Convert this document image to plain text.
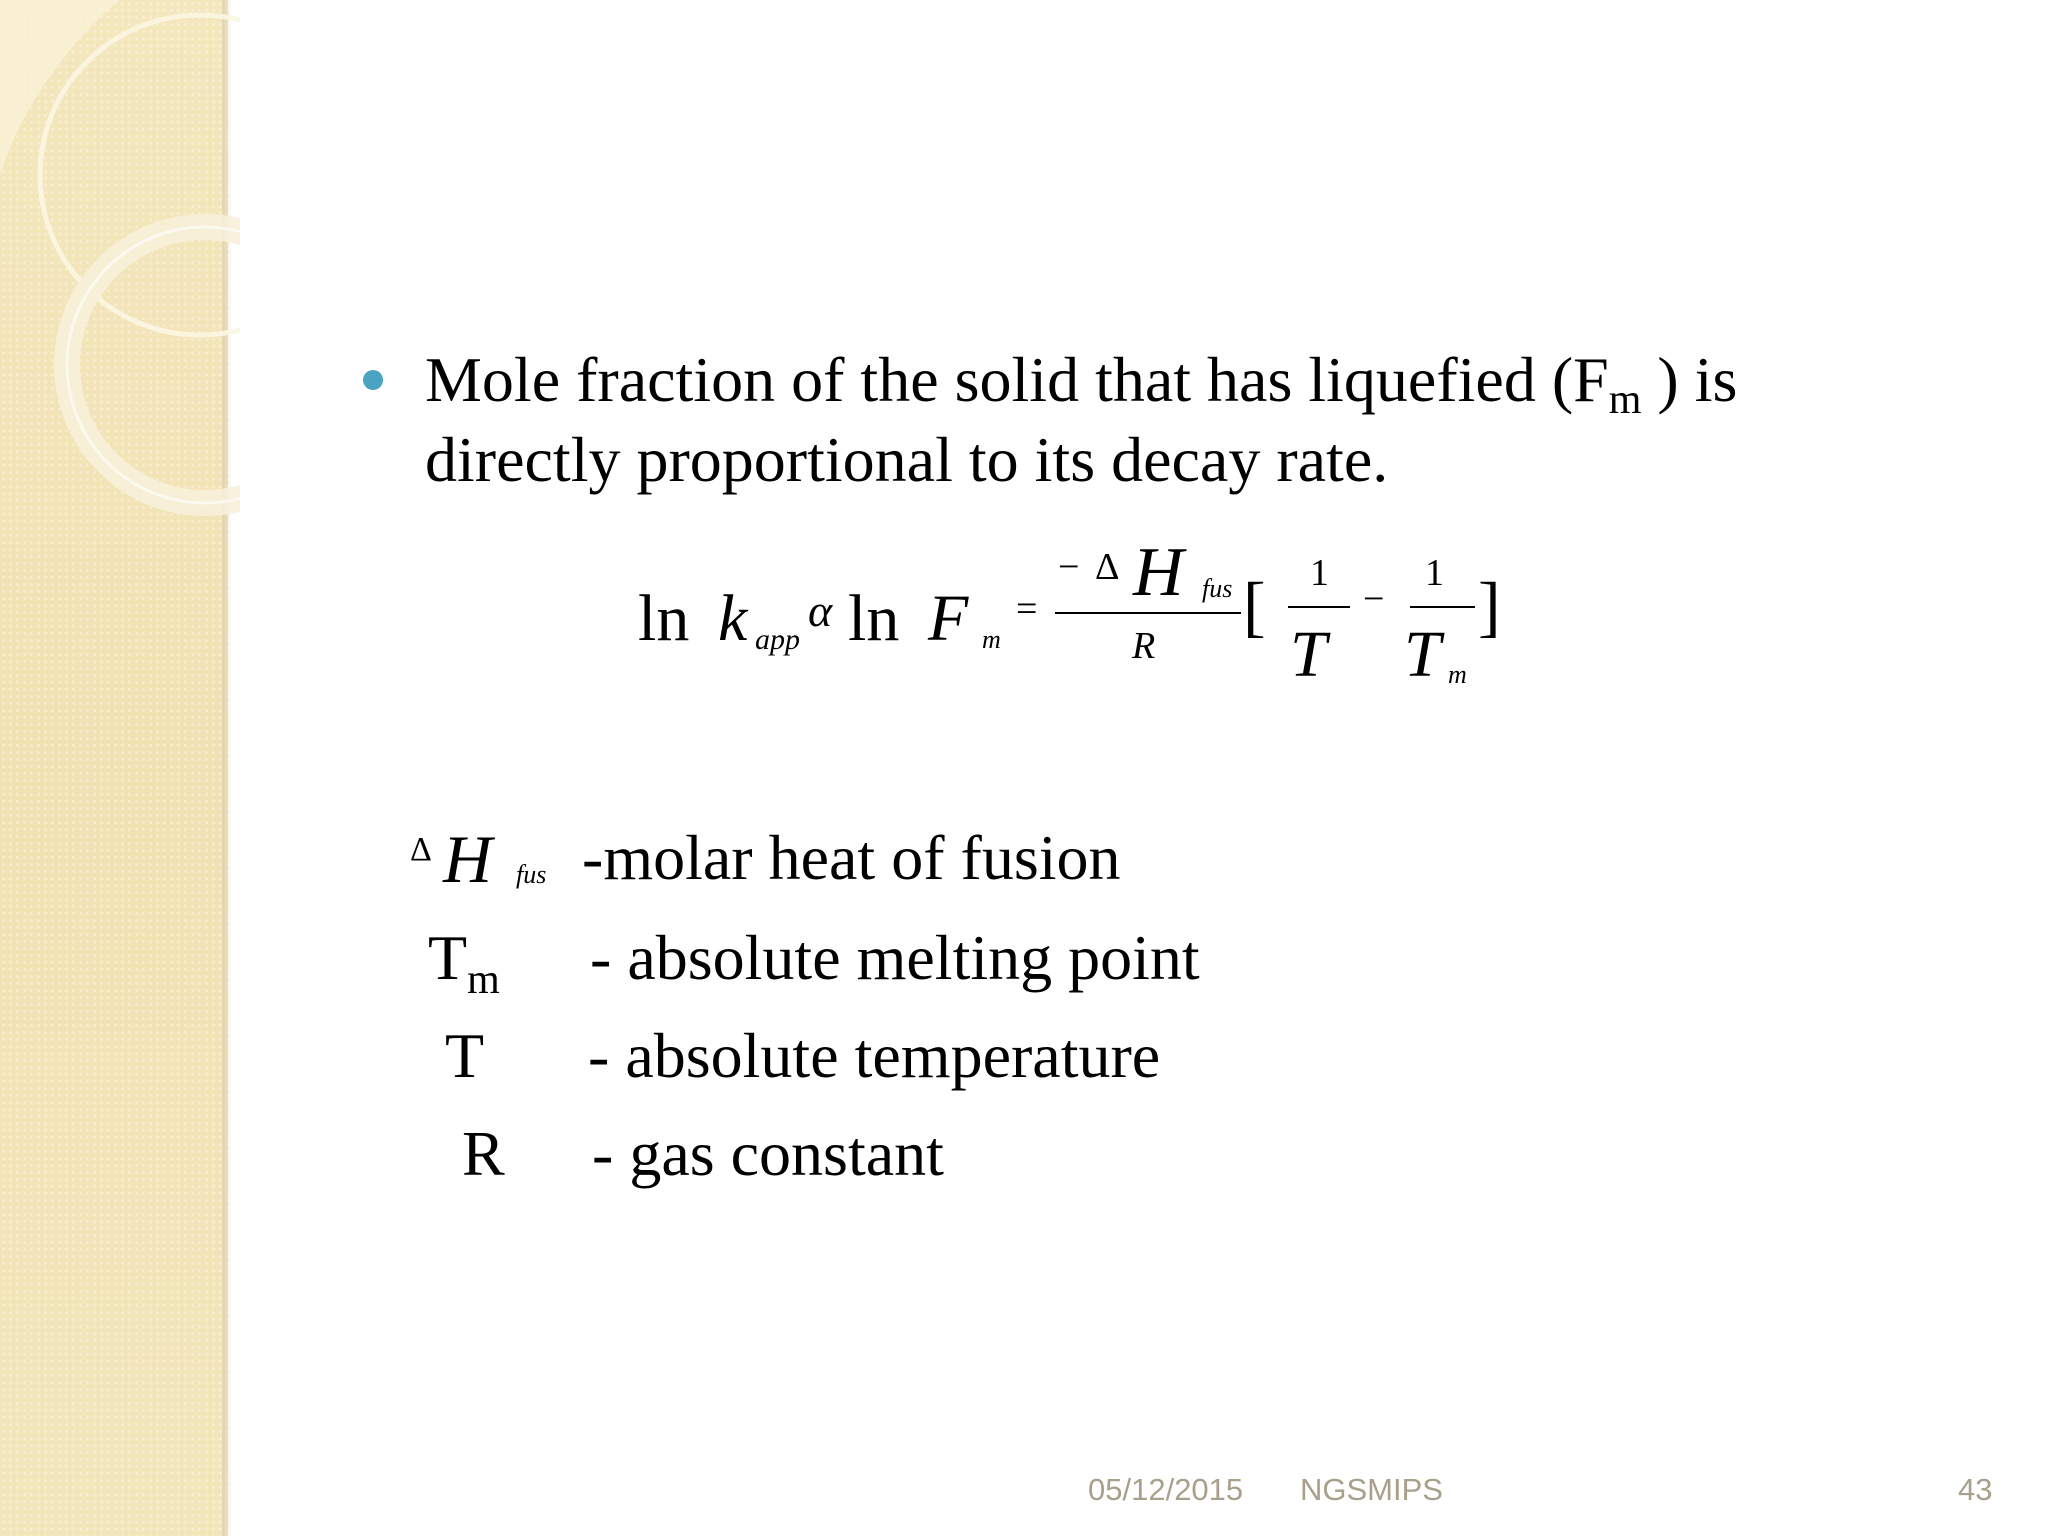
Mole fraction of the solid that has liquefied ($F_m$ ) is
directly proportional to its decay rate.
ln k app
α ln F m
=
− Δ H fus
R
[ 1
T
−
1
T m
]
Δ H fus -molar heat of fusion
$T_m$ - absolute melting point
T - absolute temperature
R - gas constant
05/12/2015 NGSMIPS	43
